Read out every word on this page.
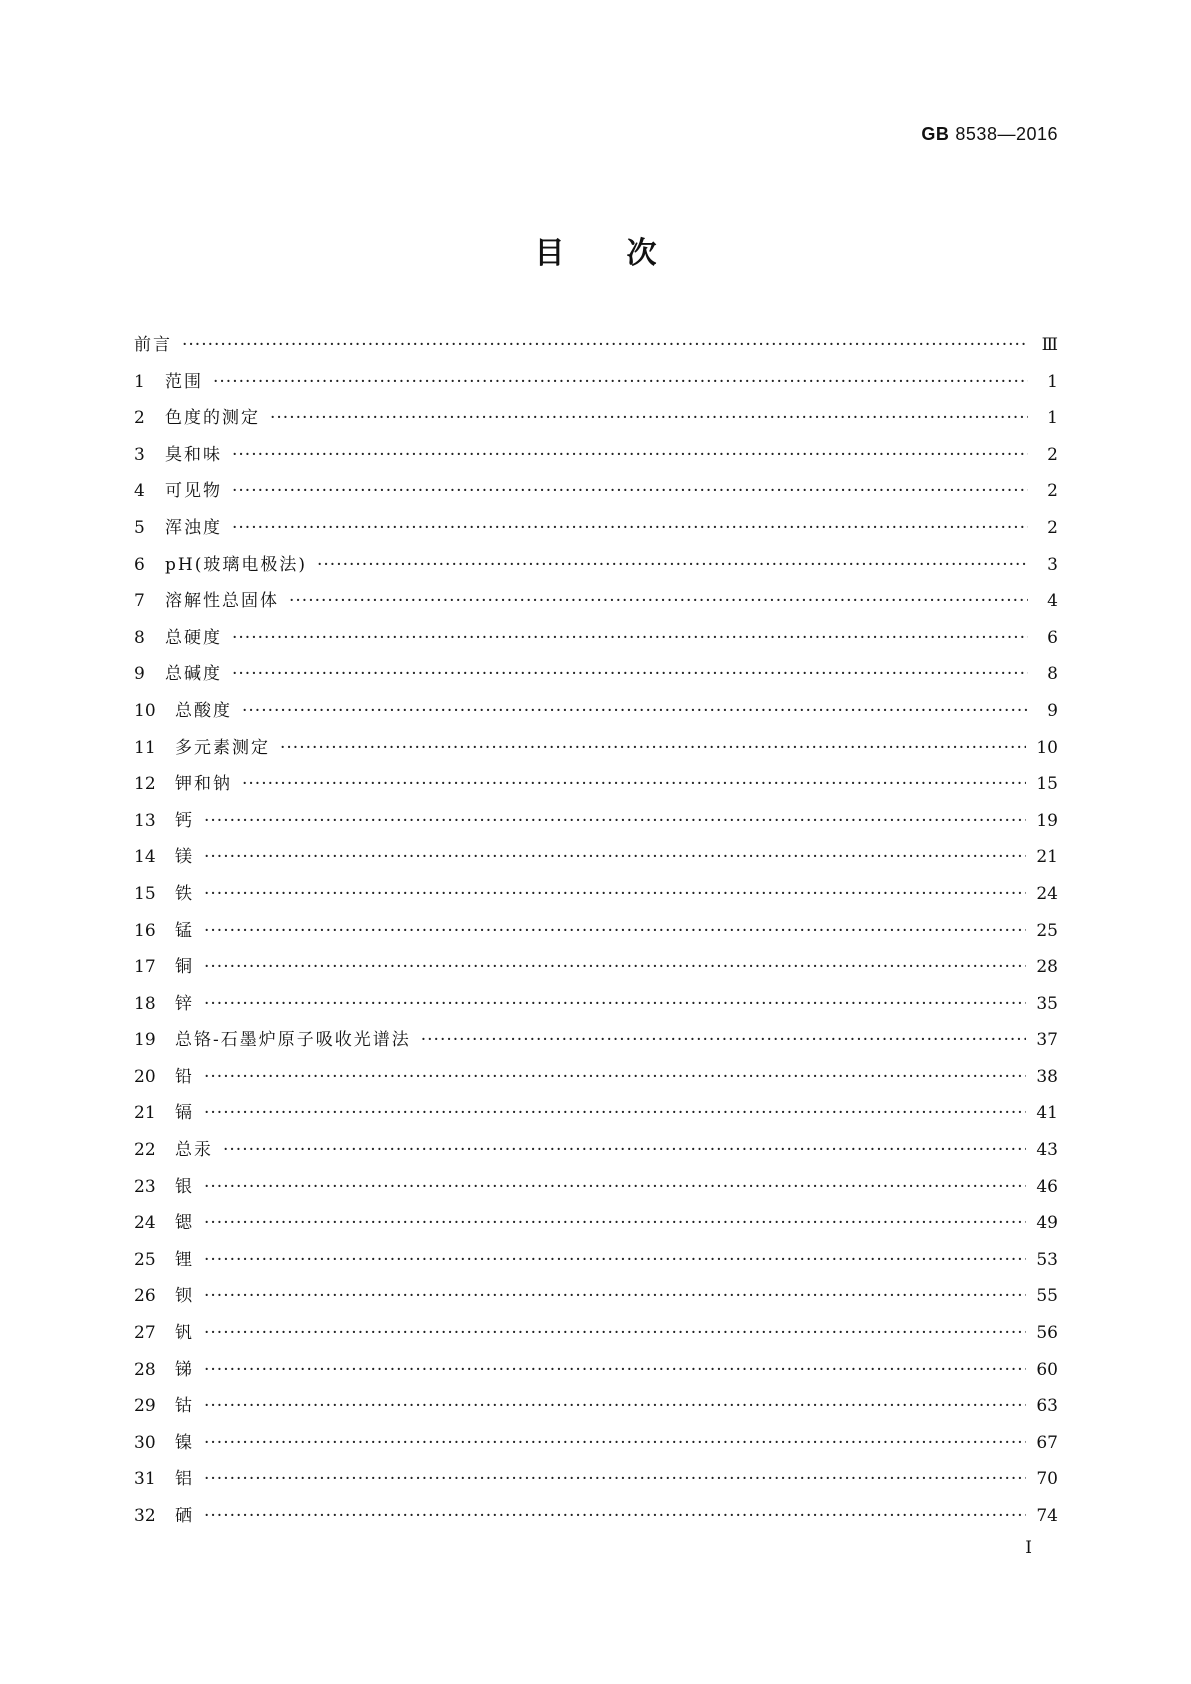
GB 8538—2016
目次
前言 ·····	Ⅲ
1	范围 ·····	1
2	色度的测定 ·····	1
3	臭和味 ·····	2
4	可见物 ·····	2
5	浑浊度 ·····	2
6	pH(玻璃电极法) ·····	3
7	溶解性总固体 ·····	4
8	总硬度 ·····	6
9	总碱度 ·····	8
10	总酸度 ·····	9
11	多元素测定 ·····	10
12	钾和钠 ·····	15
13	钙 ·····	19
14	镁 ·····	21
15	铁 ·····	24
16	锰 ·····	25
17	铜 ·····	28
18	锌 ·····	35
19	总铬-石墨炉原子吸收光谱法 ·····	37
20	铅 ·····	38
21	镉 ·····	41
22	总汞 ·····	43
23	银 ·····	46
24	锶 ·····	49
25	锂 ·····	53
26	钡 ·····	55
27	钒 ·····	56
28	锑 ·····	60
29	钴 ·····	63
30	镍 ·····	67
31	铝 ·····	70
32	硒 ·····	74
I
